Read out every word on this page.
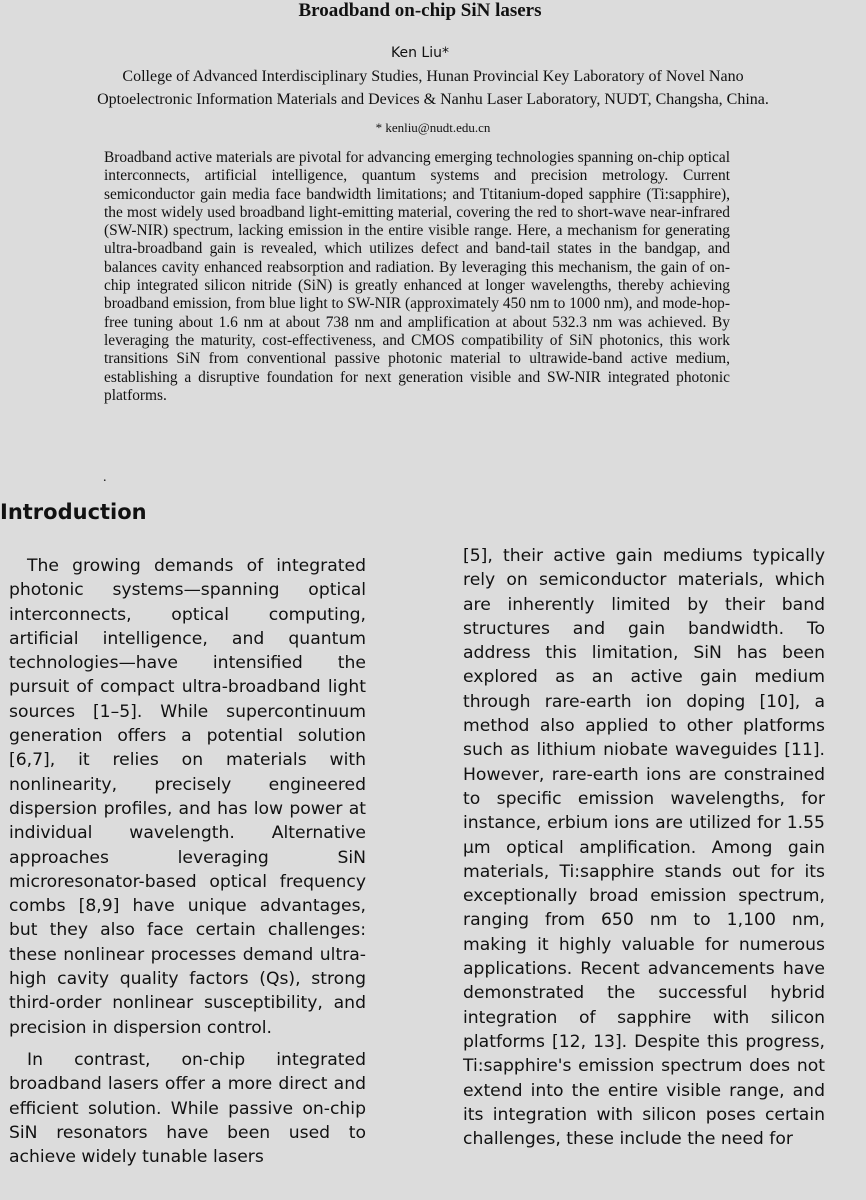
Broadband on-chip SiN lasers
Ken Liu*
College of Advanced Interdisciplinary Studies, Hunan Provincial Key Laboratory of Novel Nano
Optoelectronic Information Materials and Devices & Nanhu Laser Laboratory, NUDT, Changsha, China.
* kenliu@nudt.edu.cn

Broadband active materials are pivotal for advancing emerging technologies spanning on-chip optical interconnects, artificial intelligence, quantum systems and precision metrology. Current semiconductor gain media face bandwidth limitations; and Ttitanium-doped sapphire (Ti:sapphire), the most widely used broadband light-emitting material, covering the red to short-wave near-infrared (SW-NIR) spectrum, lacking emission in the entire visible range. Here, a mechanism for generating ultra-broadband gain is revealed, which utilizes defect and band-tail states in the bandgap, and balances cavity enhanced reabsorption and radiation. By leveraging this mechanism, the gain of on-chip integrated silicon nitride (SiN) is greatly enhanced at longer wavelengths, thereby achieving broadband emission, from blue light to SW-NIR (approximately 450 nm to 1000 nm), and mode-hop-free tuning about 1.6 nm at about 738 nm and amplification at about 532.3 nm was achieved. By leveraging the maturity, cost-effectiveness, and CMOS compatibility of SiN photonics, this work transitions SiN from conventional passive photonic material to ultrawide-band active medium, establishing a disruptive foundation for next generation visible and SW-NIR integrated photonic platforms.

.
Introduction

The growing demands of integrated photonic systems—spanning optical interconnects, optical computing, artificial intelligence, and quantum technologies—have intensified the pursuit of compact ultra-broadband light sources [1–5]. While supercontinuum generation offers a potential solution [6,7], it relies on materials with nonlinearity, precisely engineered dispersion profiles, and has low power at individual wavelength. Alternative approaches leveraging SiN microresonator-based optical frequency combs [8,9] have unique advantages, but they also face certain challenges: these nonlinear processes demand ultra-high cavity quality factors (Qs), strong third-order nonlinear susceptibility, and precision in dispersion control.

In contrast, on-chip integrated broadband lasers offer a more direct and efficient solution. While passive on-chip SiN resonators have been used to achieve widely tunable lasers

[5], their active gain mediums typically rely on semiconductor materials, which are inherently limited by their band structures and gain bandwidth. To address this limitation, SiN has been explored as an active gain medium through rare-earth ion doping [10], a method also applied to other platforms such as lithium niobate waveguides [11]. However, rare-earth ions are constrained to specific emission wavelengths, for instance, erbium ions are utilized for 1.55 μm optical amplification. Among gain materials, Ti:sapphire stands out for its exceptionally broad emission spectrum, ranging from 650 nm to 1,100 nm, making it highly valuable for numerous applications. Recent advancements have demonstrated the successful hybrid integration of sapphire with silicon platforms [12, 13]. Despite this progress, Ti:sapphire's emission spectrum does not extend into the entire visible range, and its integration with silicon poses certain challenges, these include the need for
